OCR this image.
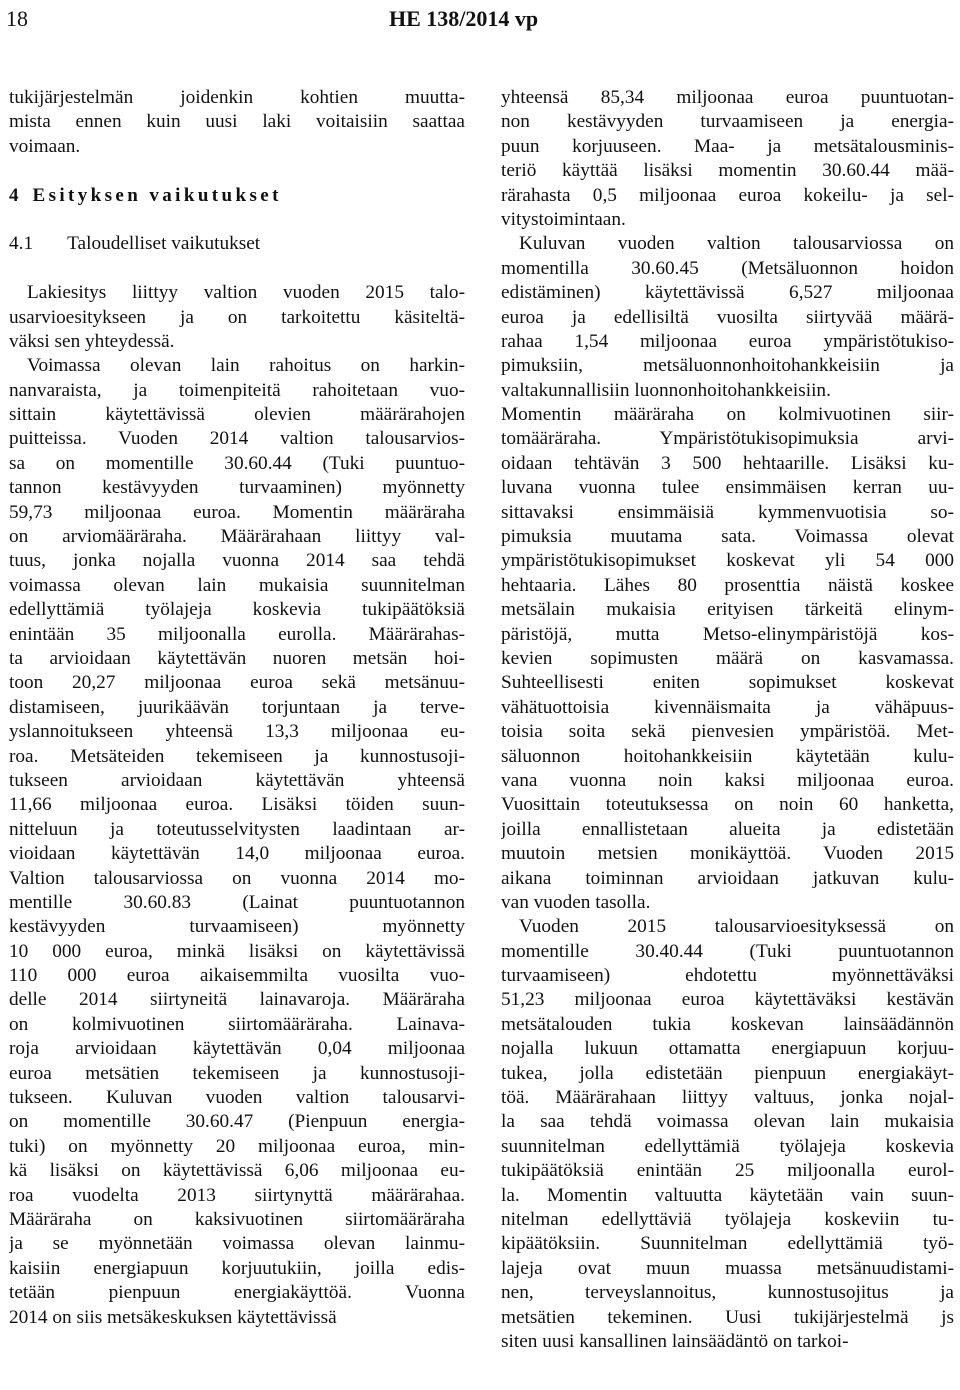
18	HE 138/2014 vp
tukijärjestelmän joidenkin kohtien muutta-
mista ennen kuin uusi laki voitaisiin saattaa
voimaan.
4 Esityksen vaikutukset
4.1 Taloudelliset vaikutukset
Lakiesitys liittyy valtion vuoden 2015 talo-
usarvioesitykseen ja on tarkoitettu käsiteltä-
väksi sen yhteydessä.
Voimassa olevan lain rahoitus on harkin-
nanvaraista, ja toimenpiteitä rahoitetaan vuo-
sittain käytettävissä olevien määrärahojen
puitteissa. Vuoden 2014 valtion talousarvios-
sa on momentille 30.60.44 (Tuki puuntuo-
tannon kestävyyden turvaaminen) myönnetty
59,73 miljoonaa euroa. Momentin määräraha
on arviomääräraha. Määrärahaan liittyy val-
tuus, jonka nojalla vuonna 2014 saa tehdä
voimassa olevan lain mukaisia suunnitelman
edellyttämiä työlajeja koskevia tukipäätöksiä
enintään 35 miljoonalla eurolla. Määrärahas-
ta arvioidaan käytettävän nuoren metsän hoi-
toon 20,27 miljoonaa euroa sekä metsänuu-
distamiseen, juurikäävän torjuntaan ja terve-
yslannoitukseen yhteensä 13,3 miljoonaa eu-
roa. Metsäteiden tekemiseen ja kunnostusoji-
tukseen arvioidaan käytettävän yhteensä
11,66 miljoonaa euroa. Lisäksi töiden suun-
nitteluun ja toteutusselvitysten laadintaan ar-
vioidaan käytettävän 14,0 miljoonaa euroa.
Valtion talousarviossa on vuonna 2014 mo-
mentille 30.60.83 (Lainat puuntuotannon
kestävyyden turvaamiseen) myönnetty
10 000 euroa, minkä lisäksi on käytettävissä
110 000 euroa aikaisemmilta vuosilta vuo-
delle 2014 siirtyneitä lainavaroja. Määräraha
on kolmivuotinen siirtomääräraha. Lainava-
roja arvioidaan käytettävän 0,04 miljoonaa
euroa metsätien tekemiseen ja kunnostusoji-
tukseen. Kuluvan vuoden valtion talousarvi-
on momentille 30.60.47 (Pienpuun energia-
tuki) on myönnetty 20 miljoonaa euroa, min-
kä lisäksi on käytettävissä 6,06 miljoonaa eu-
roa vuodelta 2013 siirtynyttä määrärahaa.
Määräraha on kaksivuotinen siirtomääräraha
ja se myönnetään voimassa olevan lainmu-
kaisiin energiapuun korjuutukiin, joilla edis-
tetään pienpuun energiakäyttöä. Vuonna
2014 on siis metsäkeskuksen käytettävissä
yhteensä 85,34 miljoonaa euroa puuntuotan-
non kestävyyden turvaamiseen ja energia-
puun korjuuseen. Maa- ja metsätalousminis-
teriö käyttää lisäksi momentin 30.60.44 mää-
rärahasta 0,5 miljoonaa euroa kokeilu- ja sel-
vitystoimintaan.
Kuluvan vuoden valtion talousarviossa on
momentilla 30.60.45 (Metsäluonnon hoidon
edistäminen) käytettävissä 6,527 miljoonaa
euroa ja edellisiltä vuosilta siirtyvää määrä-
rahaa 1,54 miljoonaa euroa ympäristötukiso-
pimuksiin, metsäluonnonhoitohankkeisiin ja
valtakunnallisiin luonnonhoitohankkeisiin.
Momentin määräraha on kolmivuotinen siir-
tomääräraha. Ympäristötukisopimuksia arvi-
oidaan tehtävän 3 500 hehtaarille. Lisäksi ku-
luvana vuonna tulee ensimmäisen kerran uu-
sittavaksi ensimmäisiä kymmenvuotisia so-
pimuksia muutama sata. Voimassa olevat
ympäristötukisopimukset koskevat yli 54 000
hehtaaria. Lähes 80 prosenttia näistä koskee
metsälain mukaisia erityisen tärkeitä elinym-
päristöjä, mutta Metso-elinympäristöjä kos-
kevien sopimusten määrä on kasvamassa.
Suhteellisesti eniten sopimukset koskevat
vähätuottoisia kivennäismaita ja vähäpuus-
toisia soita sekä pienvesien ympäristöä. Met-
säluonnon hoitohankkeisiin käytetään kulu-
vana vuonna noin kaksi miljoonaa euroa.
Vuosittain toteutuksessa on noin 60 hanketta,
joilla ennallistetaan alueita ja edistetään
muutoin metsien monikäyttöä. Vuoden 2015
aikana toiminnan arvioidaan jatkuvan kulu-
van vuoden tasolla.
Vuoden 2015 talousarvioesityksessä on
momentille 30.40.44 (Tuki puuntuotannon
turvaamiseen) ehdotettu myönnettäväksi
51,23 miljoonaa euroa käytettäväksi kestävän
metsätalouden tukia koskevan lainsäädännön
nojalla lukuun ottamatta energiapuun korjuu-
tukea, jolla edistetään pienpuun energiakäyt-
töä. Määrärahaan liittyy valtuus, jonka nojal-
la saa tehdä voimassa olevan lain mukaisia
suunnitelman edellyttämiä työlajeja koskevia
tukipäätöksiä enintään 25 miljoonalla eurol-
la. Momentin valtuutta käytetään vain suun-
nitelman edellyttäviä työlajeja koskeviin tu-
kipäätöksiin. Suunnitelman edellyttämiä työ-
lajeja ovat muun muassa metsänuudistami-
nen, terveyslannoitus, kunnostusojitus ja
metsätien tekeminen. Uusi tukijärjestelmä js
siten uusi kansallinen lainsäädäntö on tarkoi-
